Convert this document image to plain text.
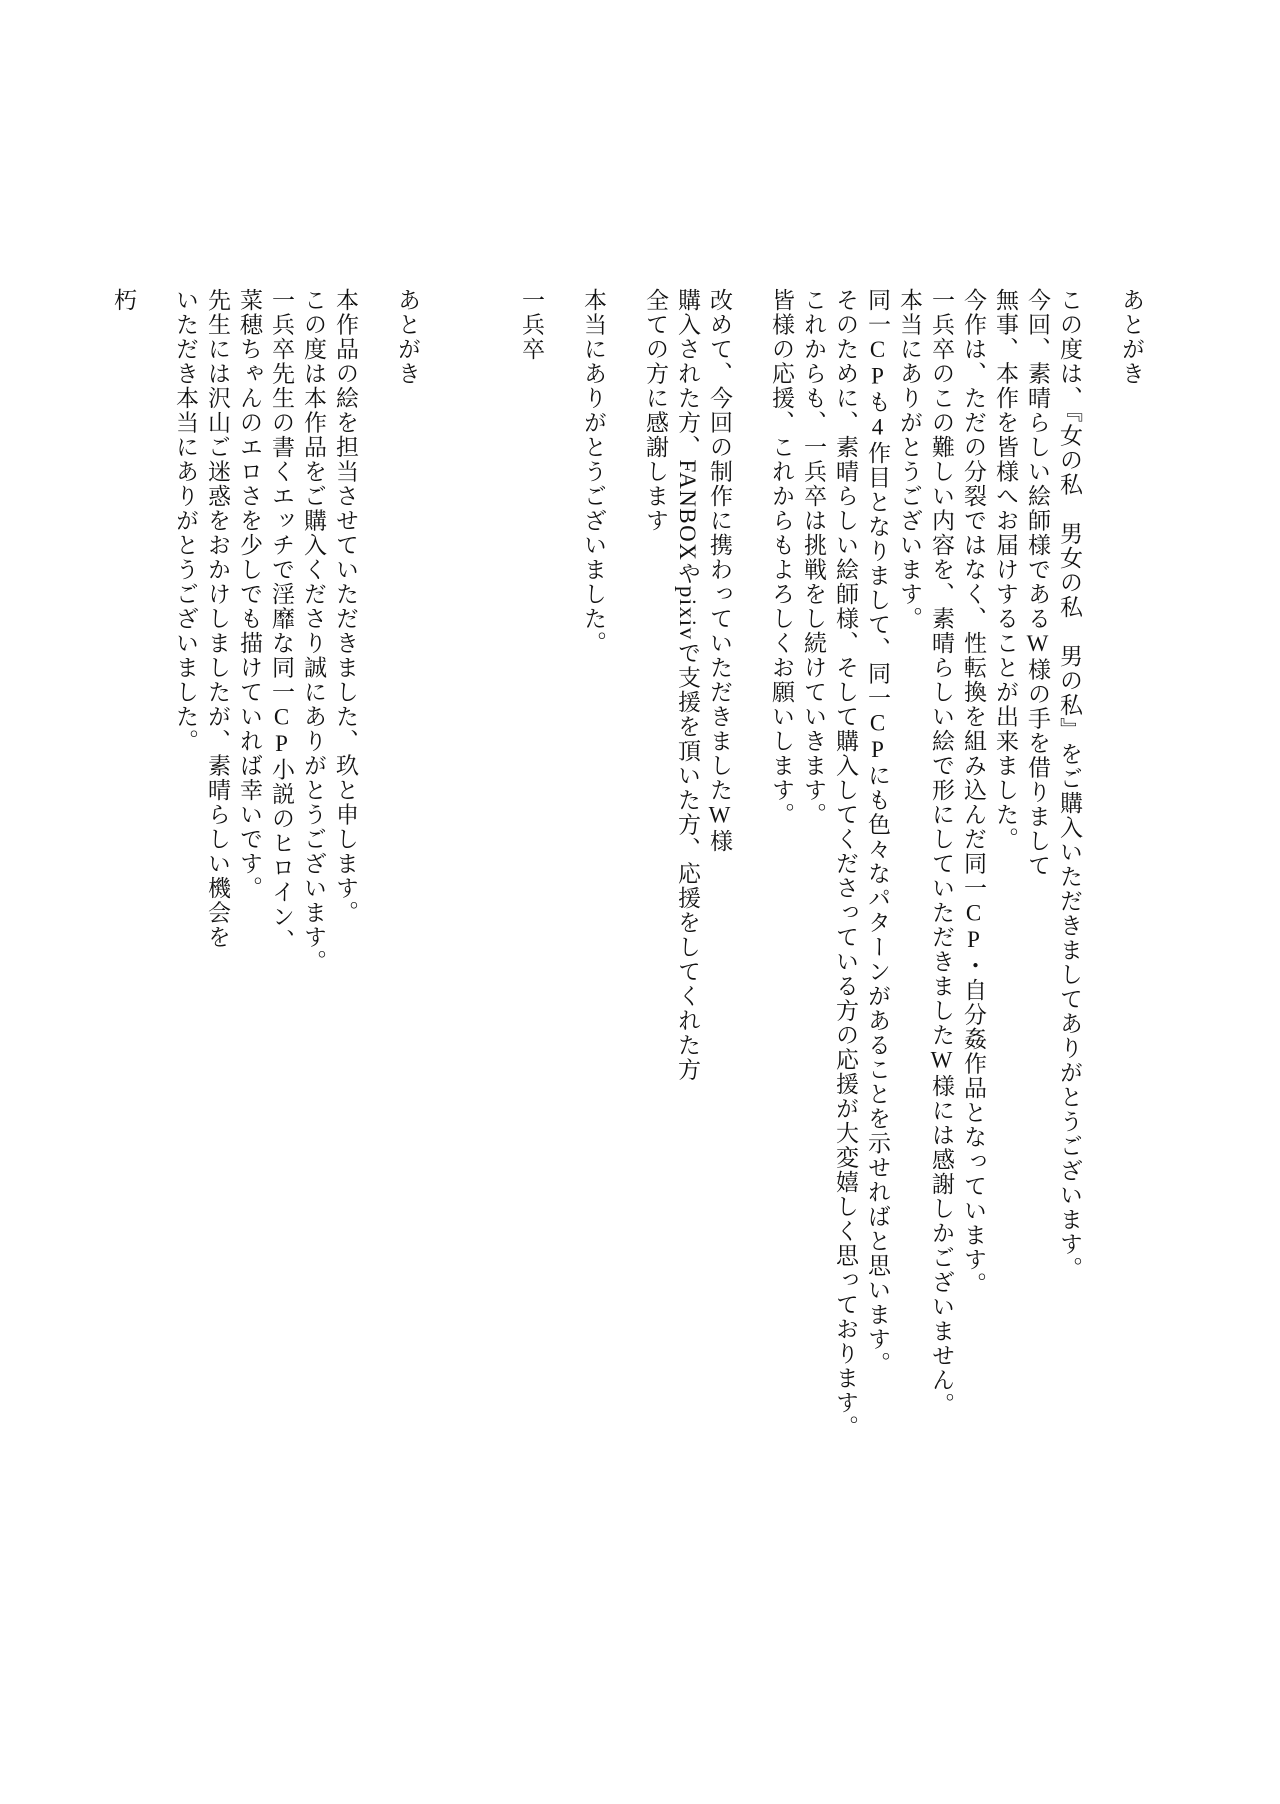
あとがき

この度は、『女の私　男女の私　男の私』をご購入いただきましてありがとうございます。

今回、素晴らしい絵師様であるW様の手を借りまして

無事、本作を皆様へお届けすることが出来ました。

今作は、ただの分裂ではなく、性転換を組み込んだ同一CP・自分姦作品となっています。

一兵卒のこの難しい内容を、素晴らしい絵で形にしていただきましたW様には感謝しかございません。

本当にありがとうございます。

同一CPも4作目となりまして、同一CPにも色々なパターンがあることを示せればと思います。

そのために、素晴らしい絵師様、そして購入してくださっている方の応援が大変嬉しく思っております。

これからも、一兵卒は挑戦をし続けていきます。

皆様の応援、これからもよろしくお願いします。

改めて、今回の制作に携わっていただきましたW様

購入された方、FANBOXやpixivで支援を頂いた方、応援をしてくれた方

全ての方に感謝します

本当にありがとうございました。

一兵卒

あとがき

本作品の絵を担当させていただきました、玖と申します。

この度は本作品をご購入くださり誠にありがとうございます。

一兵卒先生の書くエッチで淫靡な同一CP小説のヒロイン、

菜穂ちゃんのエロさを少しでも描けていれば幸いです。

先生には沢山ご迷惑をおかけしましたが、素晴らしい機会を

いただき本当にありがとうございました。

朽
